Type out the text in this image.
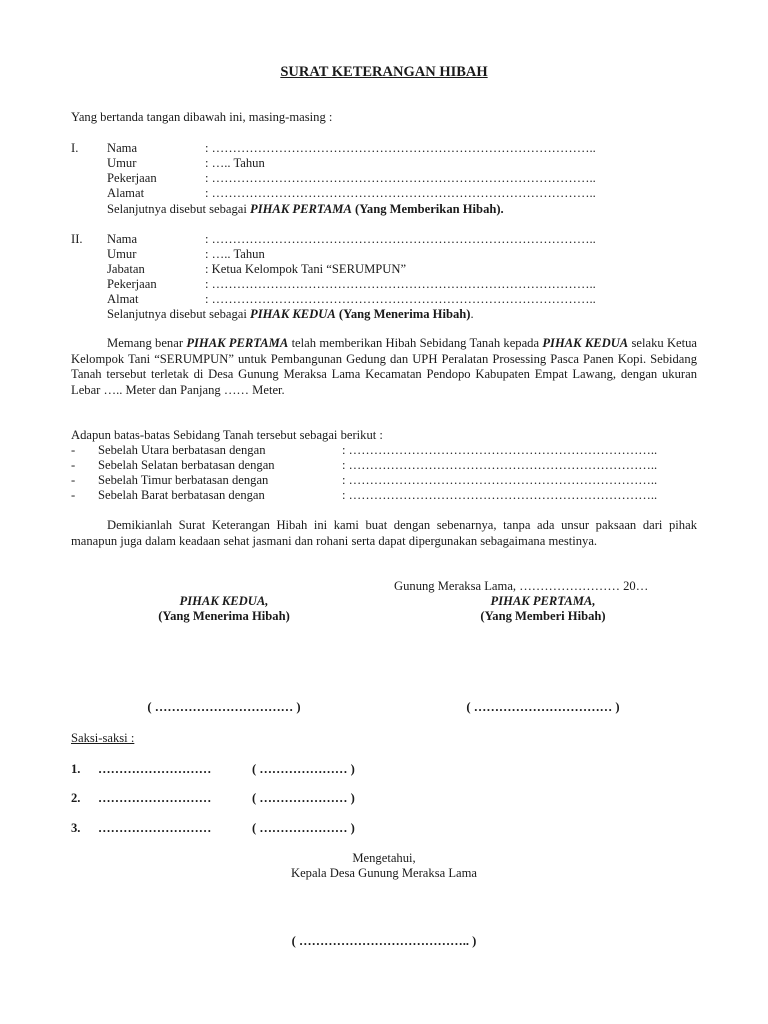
SURAT KETERANGAN HIBAH
Yang bertanda tangan dibawah ini, masing-masing :
I. Nama	: ………………………………………………………………………………..
Umur	: ….. Tahun
Pekerjaan	: ………………………………………………………………………………..
Alamat	: ………………………………………………………………………………..
Selanjutnya disebut sebagai PIHAK PERTAMA (Yang Memberikan Hibah).
II. Nama	: ………………………………………………………………………………..
Umur	: ….. Tahun
Jabatan	: Ketua Kelompok Tani “SERUMPUN”
Pekerjaan	: ………………………………………………………………………………..
Almat	: ………………………………………………………………………………..
Selanjutnya disebut sebagai PIHAK KEDUA (Yang Menerima Hibah).
Memang benar PIHAK PERTAMA telah memberikan Hibah Sebidang Tanah kepada PIHAK KEDUA selaku Ketua Kelompok Tani “SERUMPUN” untuk Pembangunan Gedung dan UPH Peralatan Prosessing Pasca Panen Kopi. Sebidang Tanah tersebut terletak di Desa Gunung Meraksa Lama Kecamatan Pendopo Kabupaten Empat Lawang, dengan ukuran Lebar ….. Meter dan Panjang …… Meter.
Adapun batas-batas Sebidang Tanah tersebut sebagai berikut :
- Sebelah Utara berbatasan dengan	: ………………………………………………………………..
- Sebelah Selatan berbatasan dengan	: ………………………………………………………………..
- Sebelah Timur berbatasan dengan	: ………………………………………………………………..
- Sebelah Barat berbatasan dengan	: ………………………………………………………………..
Demikianlah Surat Keterangan Hibah ini kami buat dengan sebenarnya, tanpa ada unsur paksaan dari pihak manapun juga dalam keadaan sehat jasmani dan rohani serta dapat dipergunakan sebagaimana mestinya.
Gunung Meraksa Lama, …………………… 20…
PIHAK KEDUA,
(Yang Menerima Hibah)
( …………………………… )
PIHAK PERTAMA,
(Yang Memberi Hibah)
( …………………………… )
Saksi-saksi :
1. ………………………	( ………………… )
2. ………………………	( ………………… )
3. ………………………	( ………………… )
Mengetahui,
Kepala Desa Gunung Meraksa Lama
( ………………………………….. )
